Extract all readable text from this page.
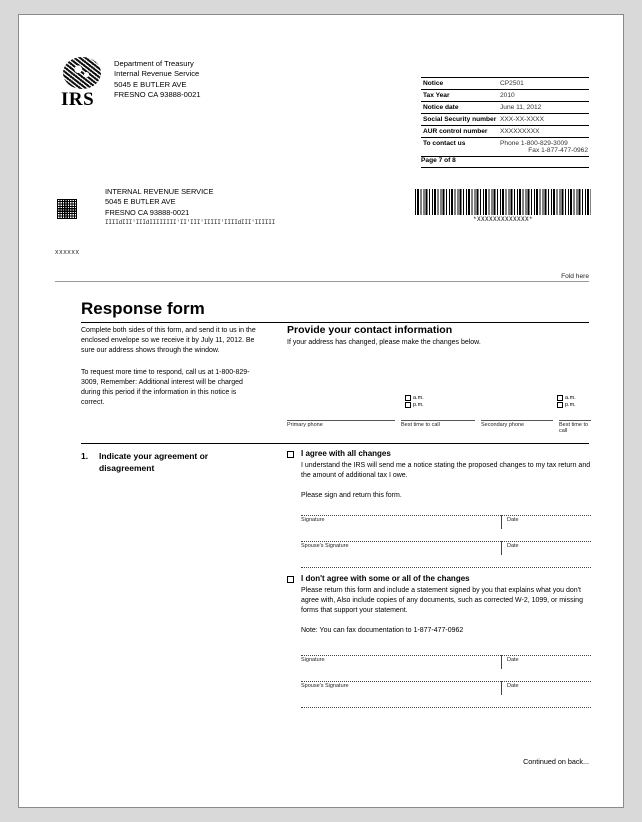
IRS
Department of Treasury
Internal Revenue Service
5045 E BUTLER AVE
FRESNO CA 93888-0021
Notice	CP2501
Tax Year	2010
Notice date	June 11, 2012
Social Security number	XXX-XX-XXXX
AUR control number	XXXXXXXXX
To contact us	Phone 1-800-829-3009
Fax 1-877-477-0962
Page 7 of 8
INTERNAL REVENUE SERVICE
5045 E BUTLER AVE
FRESNO CA 93888-0021
IIIIdIII'IIIdIIIIIIII'II'III'IIIII'IIIIdIII'IIIIII
xxxxxx
*XXXXXXXXXXXXX*
Fold here
Response form

Complete both sides of this form, and send it to us in the enclosed envelope so we receive it by July 11, 2012. Be sure our address shows through the window.

To request more time to respond, call us at 1-800-829-3009, Remember: Additional interest will be charged during this period if the information in this notice is correct.

Provide your contact information
If your address has changed, please make the changes below.
a.m.
p.m.
a.m.
p.m.
Primary phone	Best time to call	Secondary phone	Best time to call
1. Indicate your agreement or disagreement
I agree with all changes

I understand the IRS will send me a notice stating the proposed changes to my tax return and the amount of additional tax I owe.

Please sign and return this form.

Signature	Date
Spouse's Signature	Date
I don't agree with some or all of the changes

Please return this form and include a statement signed by you that explains what you don't agree with, Also include copies of any documents, such as corrected W-2, 1099, or missing forms that support your statement.

Note: You can fax documentation to 1-877-477-0962

Signature	Date
Spouse's Signature	Date
Continued on back...
